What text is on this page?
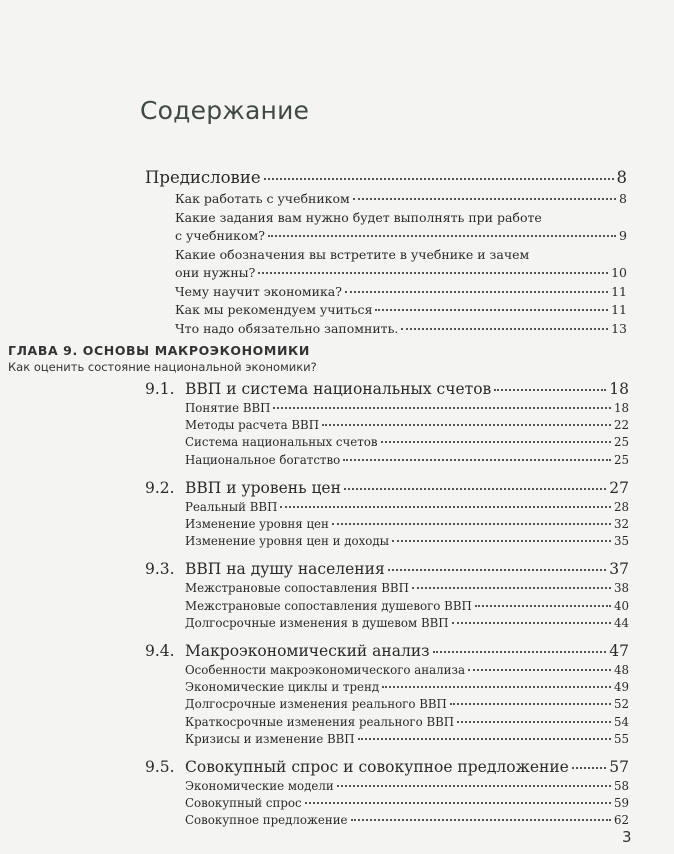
Содержание
Предисловие	8
Как работать с учебником	8
Какие задания вам нужно будет выполнять при работе
с учебником?	9
Какие обозначения вы встретите в учебнике и зачем
они нужны?	10
Чему научит экономика?	11
Как мы рекомендуем учиться	11
Что надо обязательно запомнить.	13
ГЛАВА 9. ОСНОВЫ МАКРОЭКОНОМИКИ
Как оценить состояние национальной экономики?
9.1. ВВП и система национальных счетов	18
Понятие ВВП	18
Методы расчета ВВП	22
Система национальных счетов	25
Национальное богатство	25
9.2. ВВП и уровень цен	27
Реальный ВВП	28
Изменение уровня цен	32
Изменение уровня цен и доходы	35
9.3. ВВП на душу населения	37
Межстрановые сопоставления ВВП	38
Межстрановые сопоставления душевого ВВП	40
Долгосрочные изменения в душевом ВВП	44
9.4. Макроэкономический анализ	47
Особенности макроэкономического анализа	48
Экономические циклы и тренд	49
Долгосрочные изменения реального ВВП	52
Краткосрочные изменения реального ВВП	54
Кризисы и изменение ВВП	55
9.5. Совокупный спрос и совокупное предложение	57
Экономические модели	58
Совокупный спрос	59
Совокупное предложение	62
3
